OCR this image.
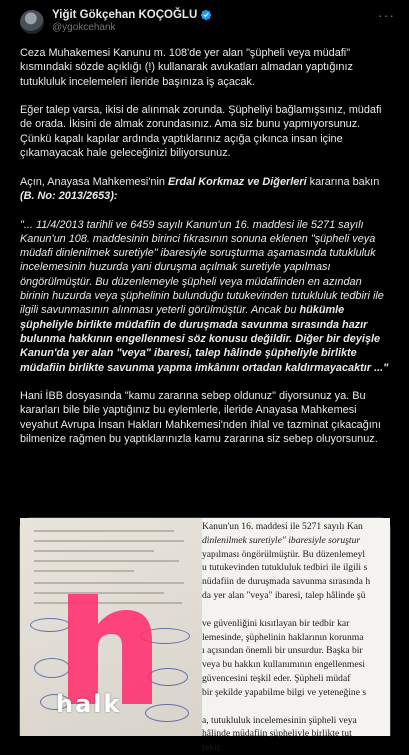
Yiğit Gökçehan KOÇOĞLU
@ygokcehank
···
Ceza Muhakemesi Kanunu m. 108'de yer alan "şüpheli veya müdafi" kısmındaki sözde açıklığı (!) kullanarak avukatları almadan yaptığınız tutukluluk incelemeleri ileride başınıza iş açacak.
Eğer talep varsa, ikisi de alınmak zorunda. Şüpheliyi bağlamışsınız, müdafi de orada. İkisini de almak zorundasınız. Ama siz bunu yapmıyorsunuz. Çünkü kapalı kapılar ardında yaptıklarınız açığa çıkınca insan içine çıkamayacak hale geleceğinizi biliyorsunuz.
Açın, Anayasa Mahkemesi'nin Erdal Korkmaz ve Diğerleri kararına bakın (B. No: 2013/2653):
"... 11/4/2013 tarihli ve 6459 sayılı Kanun'un 16. maddesi ile 5271 sayılı Kanun'un 108. maddesinin birinci fıkrasının sonuna eklenen "şüpheli veya müdafi dinlenilmek suretiyle" ibaresiyle soruşturma aşamasında tutukluluk incelemesinin huzurda yani duruşma açılmak suretiyle yapılması öngörülmüştür. Bu düzenlemeyle şüpheli veya müdafiinden en azından birinin huzurda veya şüphelinin bulunduğu tutukevinden tutukluluk tedbiri ile ilgili savunmasının alınması yeterli görülmüştür. Ancak bu hükümle şüpheliyle birlikte müdafiin de duruşmada savunma sırasında hazır bulunma hakkının engellenmesi söz konusu değildir. Diğer bir deyişle Kanun'da yer alan "veya" ibaresi, talep hâlinde şüpheliyle birlikte müdafiin birlikte savunma yapma imkânını ortadan kaldırmayacaktır ..."
Hani İBB dosyasında "kamu zararına sebep oldunuz" diyorsunuz ya. Bu kararları bile bile yaptığınız bu eylemlerle, ileride Anayasa Mahkemesi veyahut Avrupa İnsan Hakları Mahkemesi'nden ihlal ve tazminat çıkacağını bilmenize rağmen bu yaptıklarınızla kamu zararına siz sebep oluyorsunuz.
halk

Kanun'un 16. maddesi ile 5271 sayılı Kan

dinlenilmek suretiyle" ibaresiyle soruştur

yapılması öngörülmüştür. Bu düzenlemeyl

u tutukevinden tutukluluk tedbiri ile ilgili s

nüdafiin de duruşmada savunma sırasında h

da yer alan "veya" ibaresi, talep hâlinde şü

ve güvenliğini kısıtlayan bir tedbir kar

lemesinde, şüphelinin haklarının korunma

ı açısından önemli bir unsurdur. Başka bir

veya bu hakkın kullanımının engellenmesi

güvencesini teşkil eder. Şüpheli müdaf

bir şekilde yapabilme bilgi ve yeteneğine s

a, tutukluluk incelemesinin şüpheli veya

hâlinde müdafiin şüpheliyle birlikte tut

rekir.
